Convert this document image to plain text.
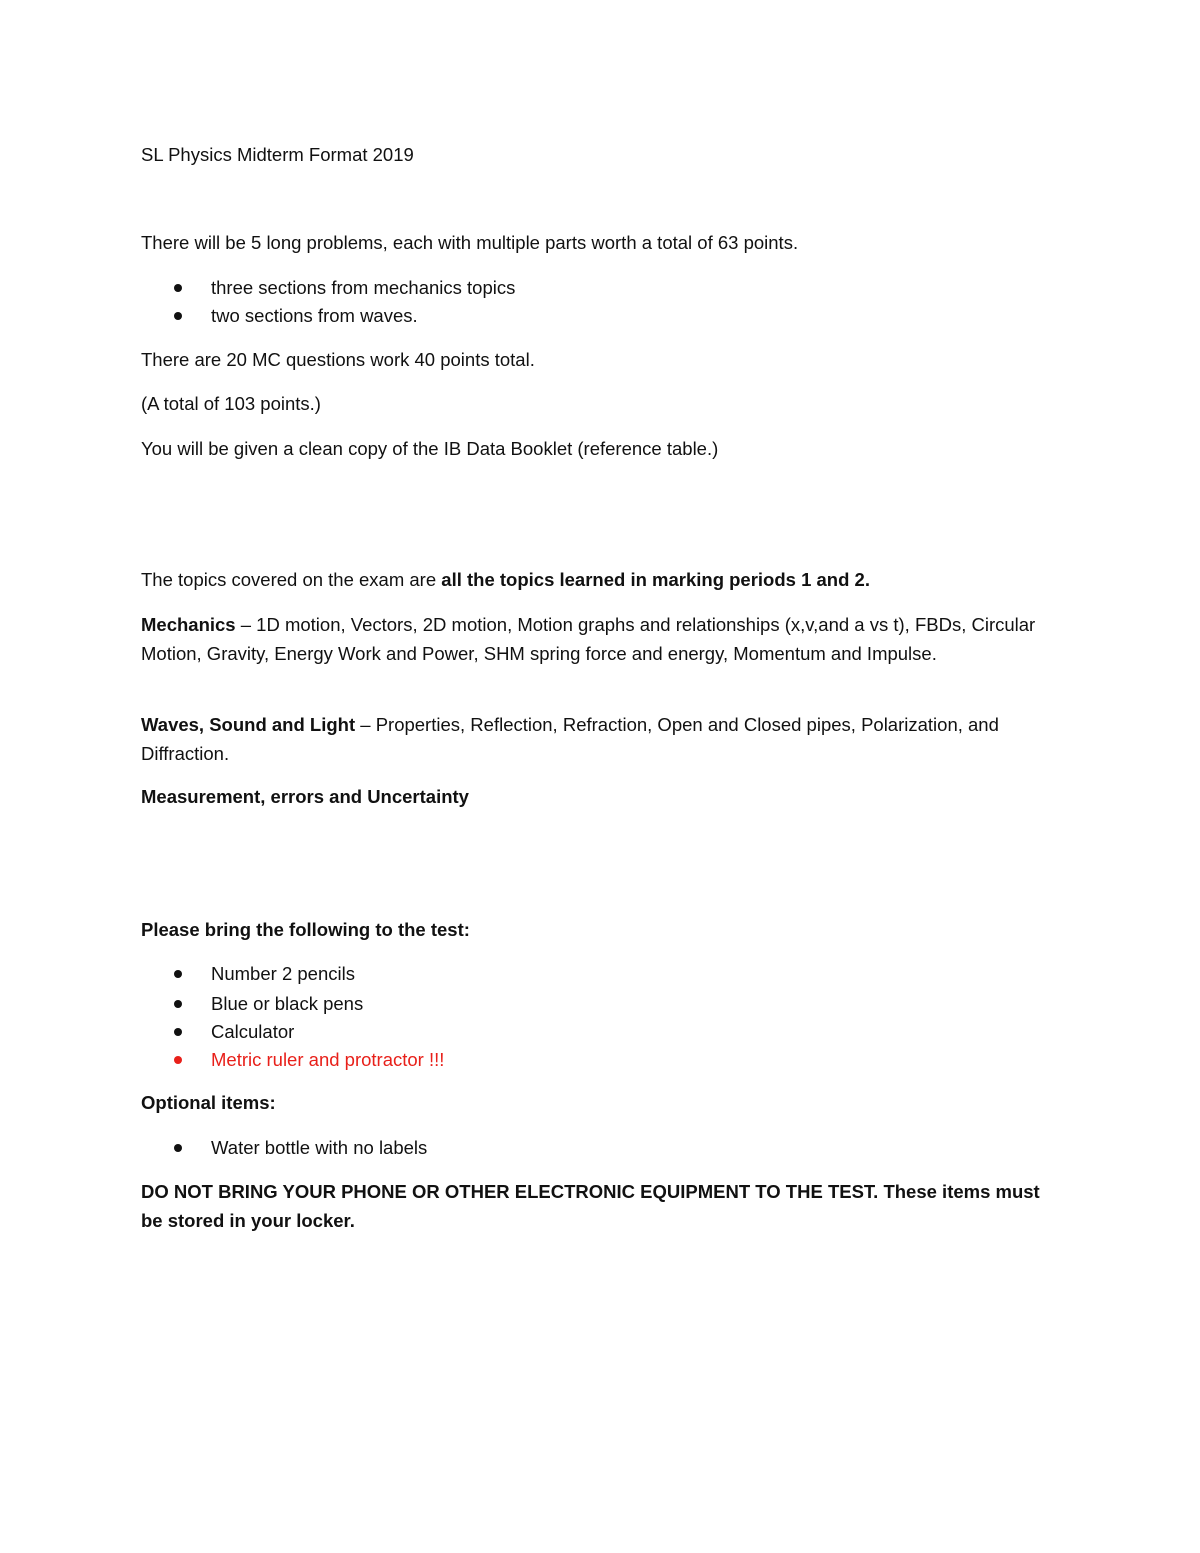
SL Physics Midterm Format 2019
There will be 5 long problems, each with multiple parts worth a total of 63 points.
three sections from mechanics topics
two sections from waves.
There are 20 MC questions work 40 points total.
(A total of 103 points.)
You will be given a clean copy of the IB Data Booklet (reference table.)
The topics covered on the exam are all the topics learned in marking periods 1 and 2.
Mechanics – 1D motion, Vectors, 2D motion, Motion graphs and relationships (x,v,and a vs t), FBDs, Circular Motion, Gravity, Energy Work and Power, SHM spring force and energy, Momentum and Impulse.
Waves, Sound and Light – Properties, Reflection, Refraction, Open and Closed pipes, Polarization, and Diffraction.
Measurement, errors and Uncertainty
Please bring the following to the test:
Number 2 pencils
Blue or black pens
Calculator
Metric ruler and protractor !!!
Optional items:
Water bottle with no labels
DO NOT BRING YOUR PHONE OR OTHER ELECTRONIC EQUIPMENT TO THE TEST. These items must be stored in your locker.
